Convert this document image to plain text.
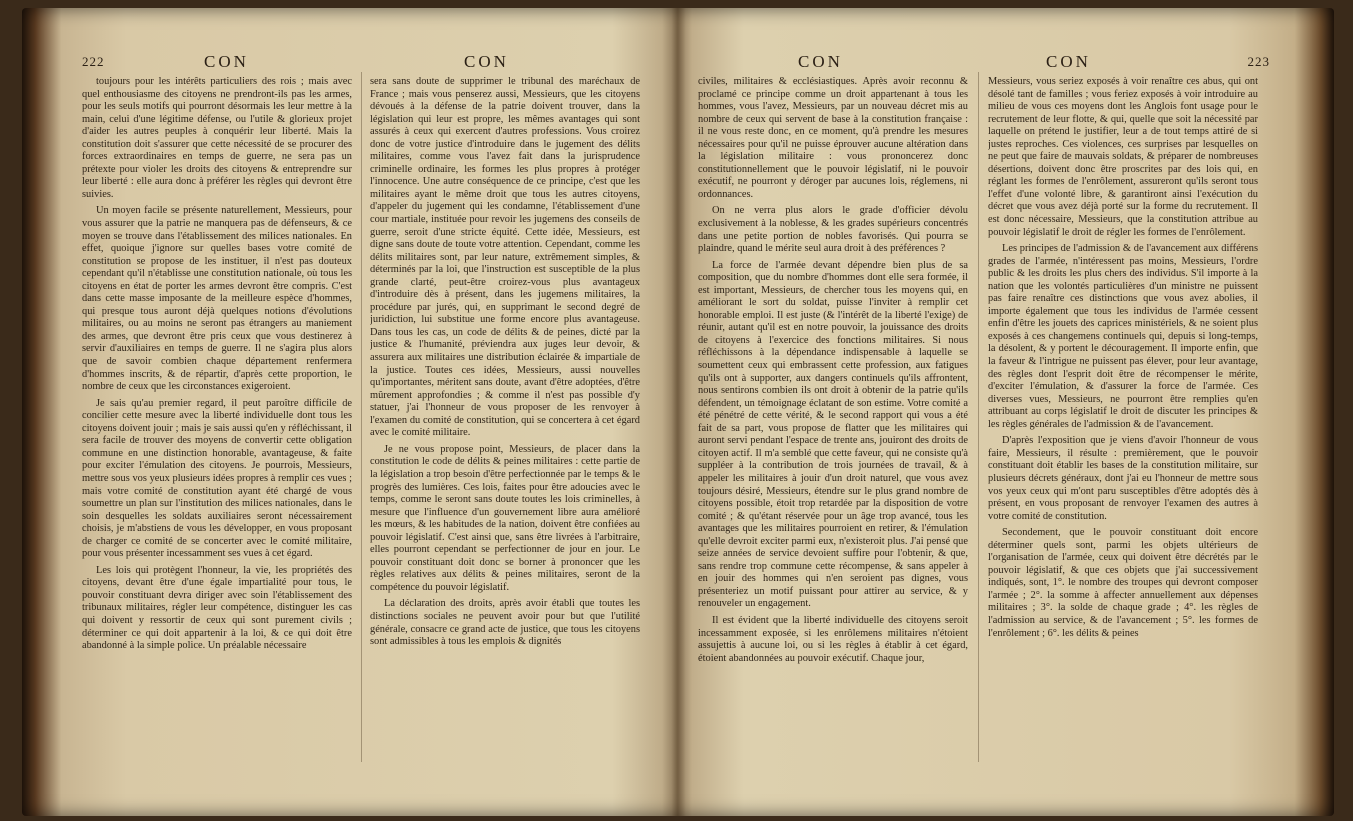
222	CON	CON

toujours pour les intérêts particuliers des rois ; mais avec quel enthousiasme des citoyens ne prendront-ils pas les armes, pour les seuls motifs qui pourront désormais les leur mettre à la main, celui d'une légitime défense, ou l'utile & glorieux projet d'aider les autres peuples à conquérir leur liberté. Mais la constitution doit s'assurer que cette nécessité de se procurer des forces extraordinaires en temps de guerre, ne sera pas un prétexte pour violer les droits des citoyens & entreprendre sur leur liberté : elle aura donc à préférer les règles qui devront être suivies.

Un moyen facile se présente naturellement, Messieurs, pour vous assurer que la patrie ne manquera pas de défenseurs, & ce moyen se trouve dans l'établissement des milices nationales. En effet, quoique j'ignore sur quelles bases votre comité de constitution se propose de les instituer, il n'est pas douteux cependant qu'il n'établisse une constitution nationale, où tous les citoyens en état de porter les armes devront être compris. C'est dans cette masse imposante de la meilleure espèce d'hommes, qui presque tous auront déjà quelques notions d'évolutions militaires, ou au moins ne seront pas étrangers au maniement des armes, que devront être pris ceux que vous destinerez à servir d'auxiliaires en temps de guerre. Il ne s'agira plus alors que de savoir combien chaque département renfermera d'hommes inscrits, & de répartir, d'après cette proportion, le nombre de ceux que les circonstances exigeroient.

Je sais qu'au premier regard, il peut paroître difficile de concilier cette mesure avec la liberté individuelle dont tous les citoyens doivent jouir ; mais je sais aussi qu'en y réfléchissant, il sera facile de trouver des moyens de convertir cette obligation commune en une distinction honorable, avantageuse, & faite pour exciter l'émulation des citoyens. Je pourrois, Messieurs, mettre sous vos yeux plusieurs idées propres à remplir ces vues ; mais votre comité de constitution ayant été chargé de vous soumettre un plan sur l'institution des milices nationales, dans le soin desquelles les soldats auxiliaires seront nécessairement choisis, je m'abstiens de vous les développer, en vous proposant de charger ce comité de se concerter avec le comité militaire, pour vous présenter incessamment ses vues à cet égard.

Les lois qui protègent l'honneur, la vie, les propriétés des citoyens, devant être d'une égale impartialité pour tous, le pouvoir constituant devra diriger avec soin l'établissement des tribunaux militaires, régler leur compétence, distinguer les cas qui doivent y ressortir de ceux qui sont purement civils ; déterminer ce qui doit appartenir à la loi, & ce qui doit être abandonné à la simple police. Un préalable nécessaire

sera sans doute de supprimer le tribunal des maréchaux de France ; mais vous penserez aussi, Messieurs, que les citoyens dévoués à la défense de la patrie doivent trouver, dans la législation qui leur est propre, les mêmes avantages qui sont assurés à ceux qui exercent d'autres professions. Vous croirez donc de votre justice d'introduire dans le jugement des délits militaires, comme vous l'avez fait dans la jurisprudence criminelle ordinaire, les formes les plus propres à protéger l'innocence. Une autre conséquence de ce principe, c'est que les militaires ayant le même droit que tous les autres citoyens, d'appeler du jugement qui les condamne, l'établissement d'une cour martiale, instituée pour revoir les jugemens des conseils de guerre, seroit d'une stricte équité. Cette idée, Messieurs, est digne sans doute de toute votre attention. Cependant, comme les délits militaires sont, par leur nature, extrêmement simples, & déterminés par la loi, que l'instruction est susceptible de la plus grande clarté, peut-être croirez-vous plus avantageux d'introduire dès à présent, dans les jugemens militaires, la procédure par jurés, qui, en supprimant le second degré de juridiction, lui substitue une forme encore plus avantageuse. Dans tous les cas, un code de délits & de peines, dicté par la justice & l'humanité, préviendra aux juges leur devoir, & assurera aux militaires une distribution éclairée & impartiale de la justice. Toutes ces idées, Messieurs, aussi nouvelles qu'importantes, méritent sans doute, avant d'être adoptées, d'être mûrement approfondies ; & comme il n'est pas possible d'y statuer, j'ai l'honneur de vous proposer de les renvoyer à l'examen du comité de constitution, qui se concertera à cet égard avec le comité militaire.

Je ne vous propose point, Messieurs, de placer dans la constitution le code de délits & peines militaires : cette partie de la législation a trop besoin d'être perfectionnée par le temps & le progrès des lumières. Ces lois, faites pour être adoucies avec le temps, comme le seront sans doute toutes les lois criminelles, à mesure que l'influence d'un gouvernement libre aura amélioré les mœurs, & les habitudes de la nation, doivent être confiées au pouvoir législatif. C'est ainsi que, sans être livrées à l'arbitraire, elles pourront cependant se perfectionner de jour en jour. Le pouvoir constituant doit donc se borner à prononcer que les règles relatives aux délits & peines militaires, seront de la compétence du pouvoir législatif.

La déclaration des droits, après avoir établi que toutes les distinctions sociales ne peuvent avoir pour but que l'utilité générale, consacre ce grand acte de justice, que tous les citoyens sont admissibles à tous les emplois & dignités

CON	CON	223

civiles, militaires & ecclésiastiques. Après avoir reconnu & proclamé ce principe comme un droit appartenant à tous les hommes, vous l'avez, Messieurs, par un nouveau décret mis au nombre de ceux qui servent de base à la constitution française : il ne vous reste donc, en ce moment, qu'à prendre les mesures nécessaires pour qu'il ne puisse éprouver aucune altération dans la législation militaire : vous prononcerez donc constitutionnellement que le pouvoir législatif, ni le pouvoir exécutif, ne pourront y déroger par aucunes lois, réglemens, ni ordonnances.

On ne verra plus alors le grade d'officier dévolu exclusivement à la noblesse, & les grades supérieurs concentrés dans une petite portion de nobles favorisés. Qui pourra se plaindre, quand le mérite seul aura droit à des préférences ?

La force de l'armée devant dépendre bien plus de sa composition, que du nombre d'hommes dont elle sera formée, il est important, Messieurs, de chercher tous les moyens qui, en améliorant le sort du soldat, puisse l'inviter à remplir cet honorable emploi. Il est juste (& l'intérêt de la liberté l'exige) de réunir, autant qu'il est en notre pouvoir, la jouissance des droits de citoyens à l'exercice des fonctions militaires. Si nous réfléchissons à la dépendance indispensable à laquelle se soumettent ceux qui embrassent cette profession, aux fatigues qu'ils ont à supporter, aux dangers continuels qu'ils affrontent, nous sentirons combien ils ont droit à obtenir de la patrie qu'ils défendent, un témoignage éclatant de son estime. Votre comité a été pénétré de cette vérité, & le second rapport qui vous a été fait de sa part, vous propose de flatter que les militaires qui auront servi pendant l'espace de trente ans, jouiront des droits de citoyen actif. Il m'a semblé que cette faveur, qui ne consiste qu'à suppléer à la contribution de trois journées de travail, & à appeler les militaires à jouir d'un droit naturel, que vous avez toujours désiré, Messieurs, étendre sur le plus grand nombre de citoyens possible, étoit trop retardée par la disposition de votre comité ; & qu'étant réservée pour un âge trop avancé, tous les avantages que les militaires pourroient en retirer, & l'émulation qu'elle devroit exciter parmi eux, n'existeroit plus. J'ai pensé que seize années de service devoient suffire pour l'obtenir, & que, sans rendre trop commune cette récompense, & sans appeler à en jouir des hommes qui n'en seroient pas dignes, vous présenteriez un motif puissant pour attirer au service, & y renouveler un engagement.

Il est évident que la liberté individuelle des citoyens seroit incessamment exposée, si les enrôlemens militaires n'étoient assujettis à aucune loi, ou si les règles à établir à cet égard, étoient abandonnées au pouvoir exécutif. Chaque jour,

Messieurs, vous seriez exposés à voir renaître ces abus, qui ont désolé tant de familles ; vous feriez exposés à voir introduire au milieu de vous ces moyens dont les Anglois font usage pour le recrutement de leur flotte, & qui, quelle que soit la nécessité par laquelle on prétend le justifier, leur a de tout temps attiré de si justes reproches. Ces violences, ces surprises par lesquelles on ne peut que faire de mauvais soldats, & préparer de nombreuses désertions, doivent donc être proscrites par des lois qui, en réglant les formes de l'enrôlement, assureront qu'ils seront tous l'effet d'une volonté libre, & garantiront ainsi l'exécution du décret que vous avez déjà porté sur la forme du recrutement. Il est donc nécessaire, Messieurs, que la constitution attribue au pouvoir législatif le droit de régler les formes de l'enrôlement.

Les principes de l'admission & de l'avancement aux différens grades de l'armée, n'intéressent pas moins, Messieurs, l'ordre public & les droits les plus chers des individus. S'il importe à la nation que les volontés particulières d'un ministre ne puissent pas faire renaître ces distinctions que vous avez abolies, il importe également que tous les individus de l'armée cessent enfin d'être les jouets des caprices ministériels, & ne soient plus exposés à ces changemens continuels qui, depuis si long-temps, la désolent, & y portent le découragement. Il importe enfin, que la faveur & l'intrigue ne puissent pas élever, pour leur avantage, des règles dont l'esprit doit être de récompenser le mérite, d'exciter l'émulation, & d'assurer la force de l'armée. Ces diverses vues, Messieurs, ne pourront être remplies qu'en attribuant au corps législatif le droit de discuter les principes & les règles générales de l'admission & de l'avancement.

D'après l'exposition que je viens d'avoir l'honneur de vous faire, Messieurs, il résulte : premièrement, que le pouvoir constituant doit établir les bases de la constitution militaire, sur plusieurs décrets généraux, dont j'ai eu l'honneur de mettre sous vos yeux ceux qui m'ont paru susceptibles d'être adoptés dès à présent, en vous proposant de renvoyer l'examen des autres à votre comité de constitution.

Secondement, que le pouvoir constituant doit encore déterminer quels sont, parmi les objets ultérieurs de l'organisation de l'armée, ceux qui doivent être décrétés par le pouvoir législatif, & que ces objets que j'ai successivement indiqués, sont, 1°. le nombre des troupes qui devront composer l'armée ; 2°. la somme à affecter annuellement aux dépenses militaires ; 3°. la solde de chaque grade ; 4°. les règles de l'admission au service, & de l'avancement ; 5°. les formes de l'enrôlement ; 6°. les délits & peines
